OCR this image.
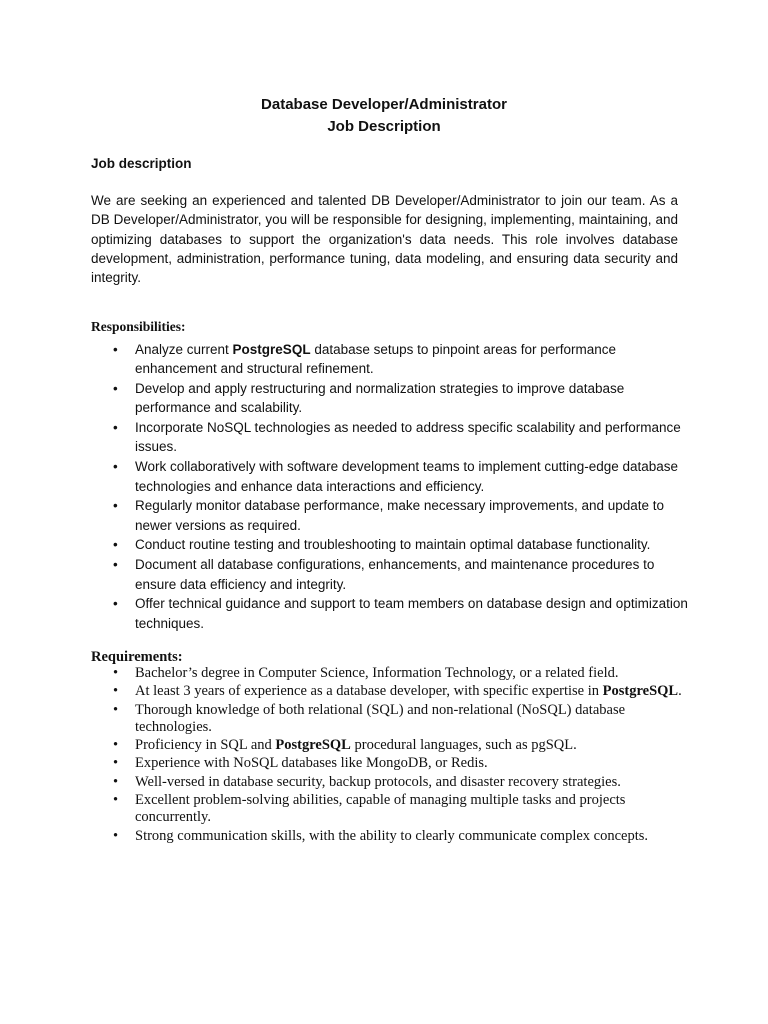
Database Developer/Administrator
Job Description
Job description

We are seeking an experienced and talented DB Developer/Administrator to join our team. As a DB Developer/Administrator, you will be responsible for designing, implementing, maintaining, and optimizing databases to support the organization's data needs. This role involves database development, administration, performance tuning, data modeling, and ensuring data security and integrity.

Responsibilities:
• Analyze current PostgreSQL database setups to pinpoint areas for performance enhancement and structural refinement.
• Develop and apply restructuring and normalization strategies to improve database performance and scalability.
• Incorporate NoSQL technologies as needed to address specific scalability and performance issues.
• Work collaboratively with software development teams to implement cutting-edge database technologies and enhance data interactions and efficiency.
• Regularly monitor database performance, make necessary improvements, and update to newer versions as required.
• Conduct routine testing and troubleshooting to maintain optimal database functionality.
• Document all database configurations, enhancements, and maintenance procedures to ensure data efficiency and integrity.
• Offer technical guidance and support to team members on database design and optimization techniques.
Requirements:
• Bachelor’s degree in Computer Science, Information Technology, or a related field.
• At least 3 years of experience as a database developer, with specific expertise in PostgreSQL.
• Thorough knowledge of both relational (SQL) and non-relational (NoSQL) database technologies.
• Proficiency in SQL and PostgreSQL procedural languages, such as pgSQL.
• Experience with NoSQL databases like MongoDB, or Redis.
• Well-versed in database security, backup protocols, and disaster recovery strategies.
• Excellent problem-solving abilities, capable of managing multiple tasks and projects concurrently.
• Strong communication skills, with the ability to clearly communicate complex concepts.
